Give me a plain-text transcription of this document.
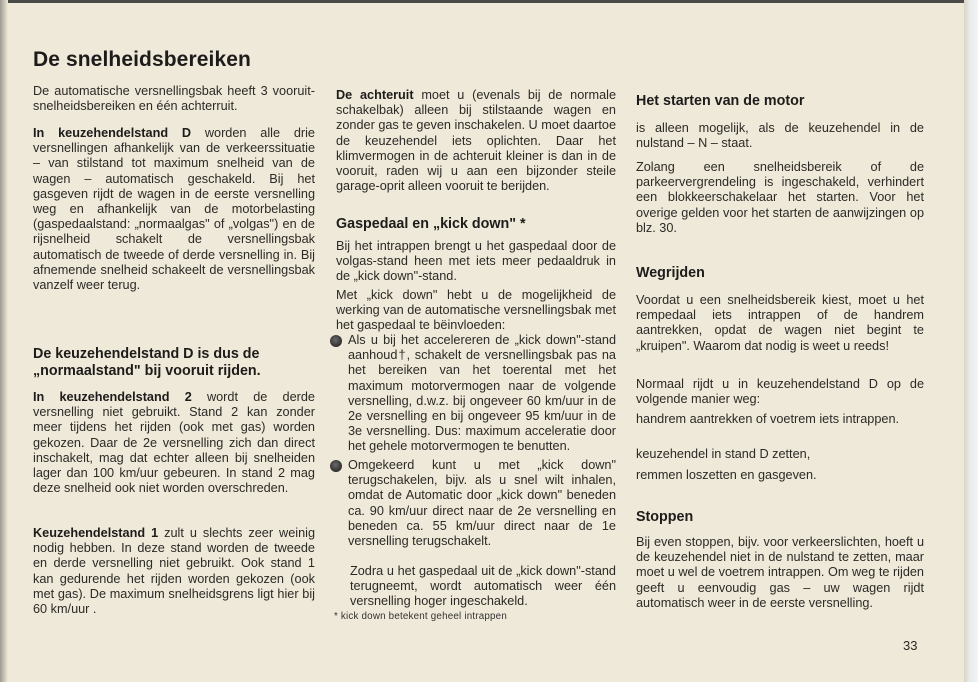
De snelheidsbereiken

De automatische versnellingsbak heeft 3 vooruit-snelheidsbereiken en één achterruit.

In keuzehendelstand D worden alle drie versnellingen afhankelijk van de verkeerssituatie – van stilstand tot maximum snelheid van de wagen – automatisch geschakeld. Bij het gasgeven rijdt de wagen in de eerste versnelling weg en afhankelijk van de motorbelasting (gaspedaalstand: „normaalgas" of „volgas") en de rijsnelheid schakelt de versnellingsbak automatisch de tweede of derde versnelling in. Bij afnemende snelheid schakeelt de versnellingsbak vanzelf weer terug.

De keuzehendelstand D is dus de „normaalstand" bij vooruit rijden.

In keuzehendelstand 2 wordt de derde versnelling niet gebruikt. Stand 2 kan zonder meer tijdens het rijden (ook met gas) worden gekozen. Daar de 2e versnelling zich dan direct inschakelt, mag dat echter alleen bij snelheiden lager dan 100 km/uur gebeuren. In stand 2 mag deze snelheid ook niet worden overschreden.

Keuzehendelstand 1 zult u slechts zeer weinig nodig hebben. In deze stand worden de tweede en derde versnelling niet gebruikt. Ook stand 1 kan gedurende het rijden worden gekozen (ook met gas). De maximum snelheidsgrens ligt hier bij 60 km/uur .

De achteruit moet u (evenals bij de normale schakelbak) alleen bij stilstaande wagen en zonder gas te geven inschakelen. U moet daartoe de keuzehendel iets oplichten. Daar het klimvermogen in de achteruit kleiner is dan in de vooruit, raden wij u aan een bijzonder steile garage-oprit alleen vooruit te berijden.

Gaspedaal en „kick down" *

Bij het intrappen brengt u het gaspedaal door de volgas-stand heen met iets meer pedaaldruk in de „kick down"-stand.

Met „kick down" hebt u de mogelijkheid de werking van de automatische versnellingsbak met het gaspedaal te bëinvloeden:

Als u bij het accelereren de „kick down"-stand aanhoud†, schakelt de versnellingsbak pas na het bereiken van het toerental met het maximum motorvermogen naar de volgende versnelling, d.w.z. bij ongeveer 60 km/uur in de 2e versnelling en bij ongeveer 95 km/uur in de 3e versnelling. Dus: maximum acceleratie door het gehele motorvermogen te benutten.

Omgekeerd kunt u met „kick down" terugschakelen, bijv. als u snel wilt inhalen, omdat de Automatic door „kick down" beneden ca. 90 km/uur direct naar de 2e versnelling en beneden ca. 55 km/uur direct naar de 1e versnelling terugschakelt.

Zodra u het gaspedaal uit de „kick down"-stand terugneemt, wordt automatisch weer één versnelling hoger ingeschakeld.

* kick down betekent geheel intrappen
Het starten van de motor

is alleen mogelijk, als de keuzehendel in de nulstand – N – staat.

Zolang een snelheidsbereik of de parkeervergrendeling is ingeschakeld, verhindert een blokkeerschakelaar het starten. Voor het overige gelden voor het starten de aanwijzingen op blz. 30.

Wegrijden

Voordat u een snelheidsbereik kiest, moet u het rempedaal iets intrappen of de handrem aantrekken, opdat de wagen niet begint te „kruipen". Waarom dat nodig is weet u reeds!

Normaal rijdt u in keuzehendelstand D op de volgende manier weg:

handrem aantrekken of voetrem iets intrappen.

keuzehendel in stand D zetten,

remmen loszetten en gasgeven.

Stoppen

Bij even stoppen, bijv. voor verkeerslichten, hoeft u de keuzehendel niet in de nulstand te zetten, maar moet u wel de voetrem intrappen. Om weg te rijden geeft u eenvoudig gas – uw wagen rijdt automatisch weer in de eerste versnelling.

33
